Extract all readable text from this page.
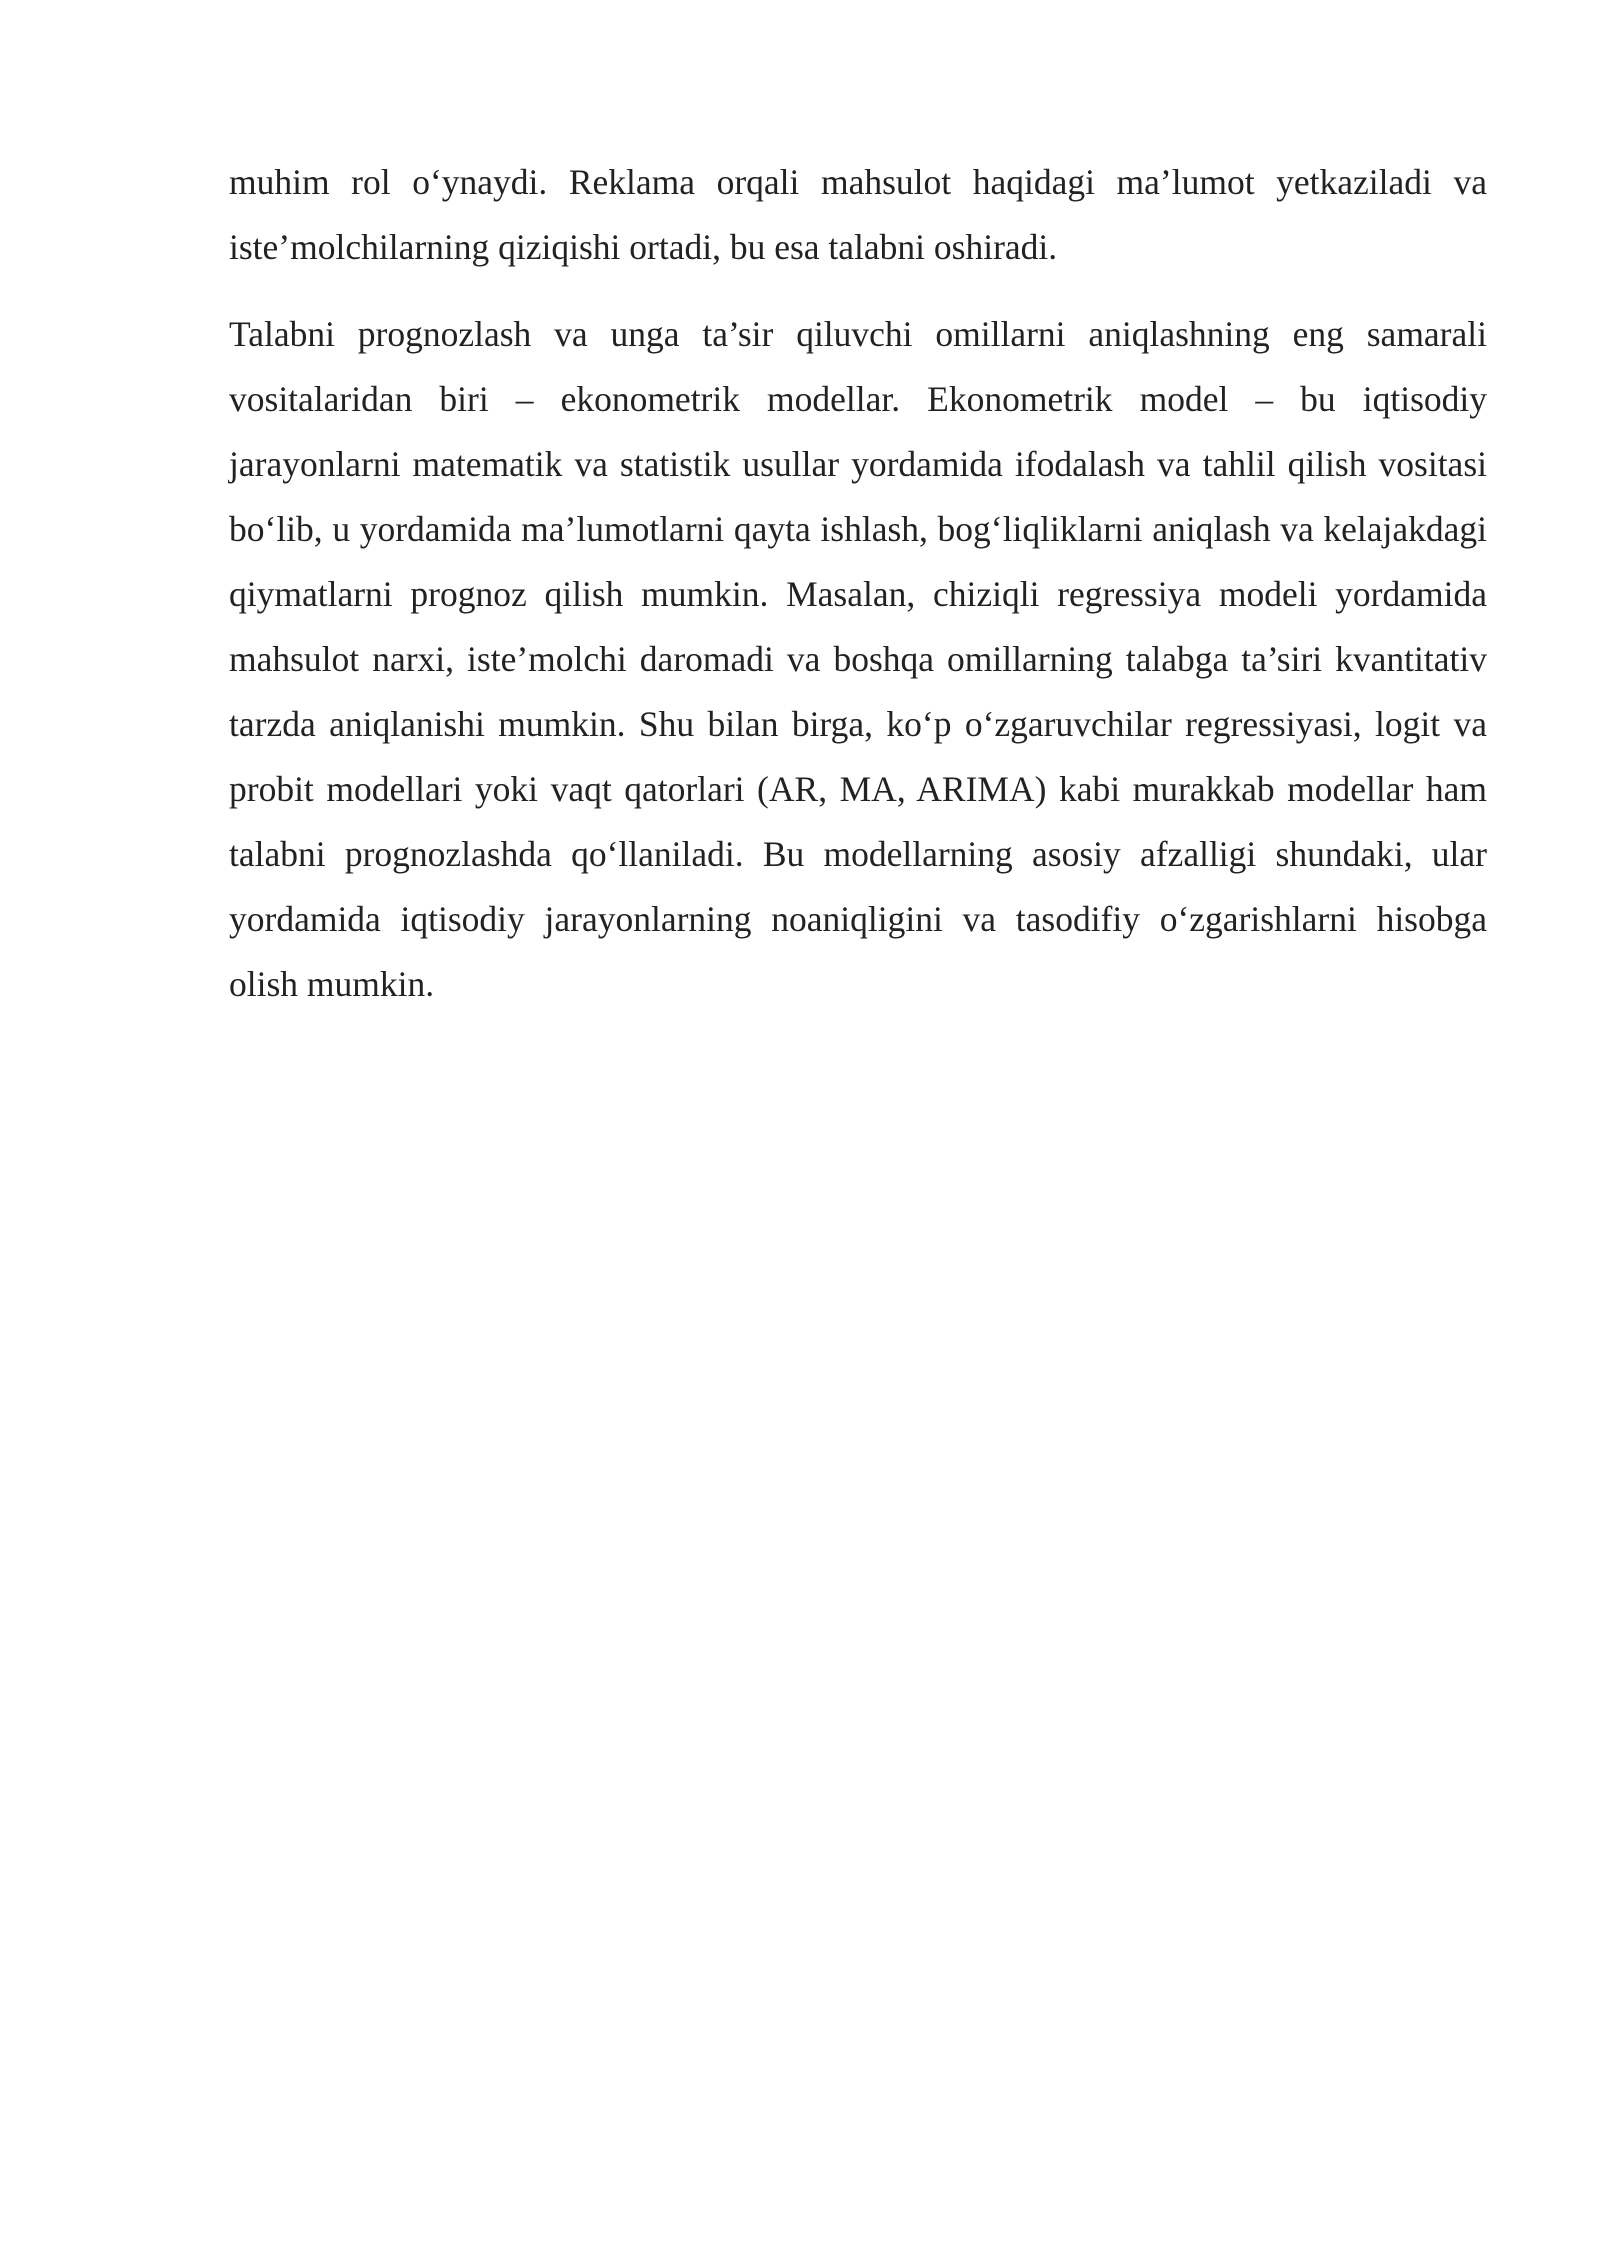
muhim rol o‘ynaydi. Reklama orqali mahsulot haqidagi ma’lumot yetkaziladi va iste’molchilarning qiziqishi ortadi, bu esa talabni oshiradi.

Talabni prognozlash va unga ta’sir qiluvchi omillarni aniqlashning eng samarali vositalaridan biri – ekonometrik modellar. Ekonometrik model – bu iqtisodiy jarayonlarni matematik va statistik usullar yordamida ifodalash va tahlil qilish vositasi bo‘lib, u yordamida ma’lumotlarni qayta ishlash, bog‘liqliklarni aniqlash va kelajakdagi qiymatlarni prognoz qilish mumkin. Masalan, chiziqli regressiya modeli yordamida mahsulot narxi, iste’molchi daromadi va boshqa omillarning talabga ta’siri kvantitativ tarzda aniqlanishi mumkin. Shu bilan birga, ko‘p o‘zgaruvchilar regressiyasi, logit va probit modellari yoki vaqt qatorlari (AR, MA, ARIMA) kabi murakkab modellar ham talabni prognozlashda qo‘llaniladi. Bu modellarning asosiy afzalligi shundaki, ular yordamida iqtisodiy jarayonlarning noaniqligini va tasodifiy o‘zgarishlarni hisobga olish mumkin.
